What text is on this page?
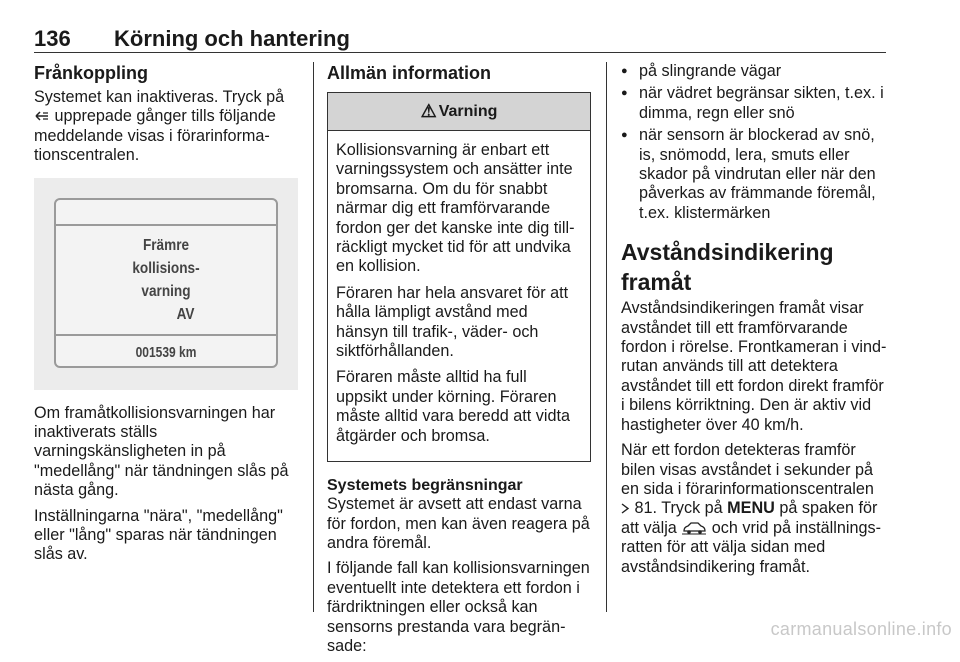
136 Körning och hantering
Frånkoppling

Systemet kan inaktiveras. Tryck på  upprepade gånger tills följande meddelande visas i förarinformationscentralen.

Främre
kollisions-
varning
AV
001539 km

Om framåtkollisionsvarningen har inaktiverats ställs varningskänsligheten in på "medellång" när tändningen slås på nästa gång.

Inställningarna "nära", "medellång" eller "lång" sparas när tändningen slås av.

Allmän information
⚠ Varning

Kollisionsvarning är enbart ett varningssystem och ansätter inte bromsarna. Om du för snabbt närmar dig ett framförvarande fordon ger det kanske inte dig tillräckligt mycket tid för att undvika en kollision.

Föraren har hela ansvaret för att hålla lämpligt avstånd med hänsyn till trafik-, väder- och siktförhållanden.

Föraren måste alltid ha full uppsikt under körning. Föraren måste alltid vara beredd att vidta åtgärder och bromsa.

Systemets begränsningar

Systemet är avsett att endast varna för fordon, men kan även reagera på andra föremål.

I följande fall kan kollisionsvarningen eventuellt inte detektera ett fordon i färdriktningen eller också kan sensorns prestanda vara begränsade:

● på slingrande vägar
● när vädret begränsar sikten, t.ex. i dimma, regn eller snö
● när sensorn är blockerad av snö, is, snömodd, lera, smuts eller skador på vindrutan eller när den påverkas av främmande föremål, t.ex. klistermärken
Avståndsindikering framåt

Avståndsindikeringen framåt visar avståndet till ett framförvarande fordon i rörelse. Frontkameran i vindrutan används till att detektera avståndet till ett fordon direkt framför i bilens körriktning. Den är aktiv vid hastigheter över 40 km/h.

När ett fordon detekteras framför bilen visas avståndet i sekunder på en sida i förarinformationscentralen  81. Tryck på MENU på spaken för att välja och vrid på inställningsratten för att välja sidan med avståndsindikering framåt.

carmanualsonline.info
